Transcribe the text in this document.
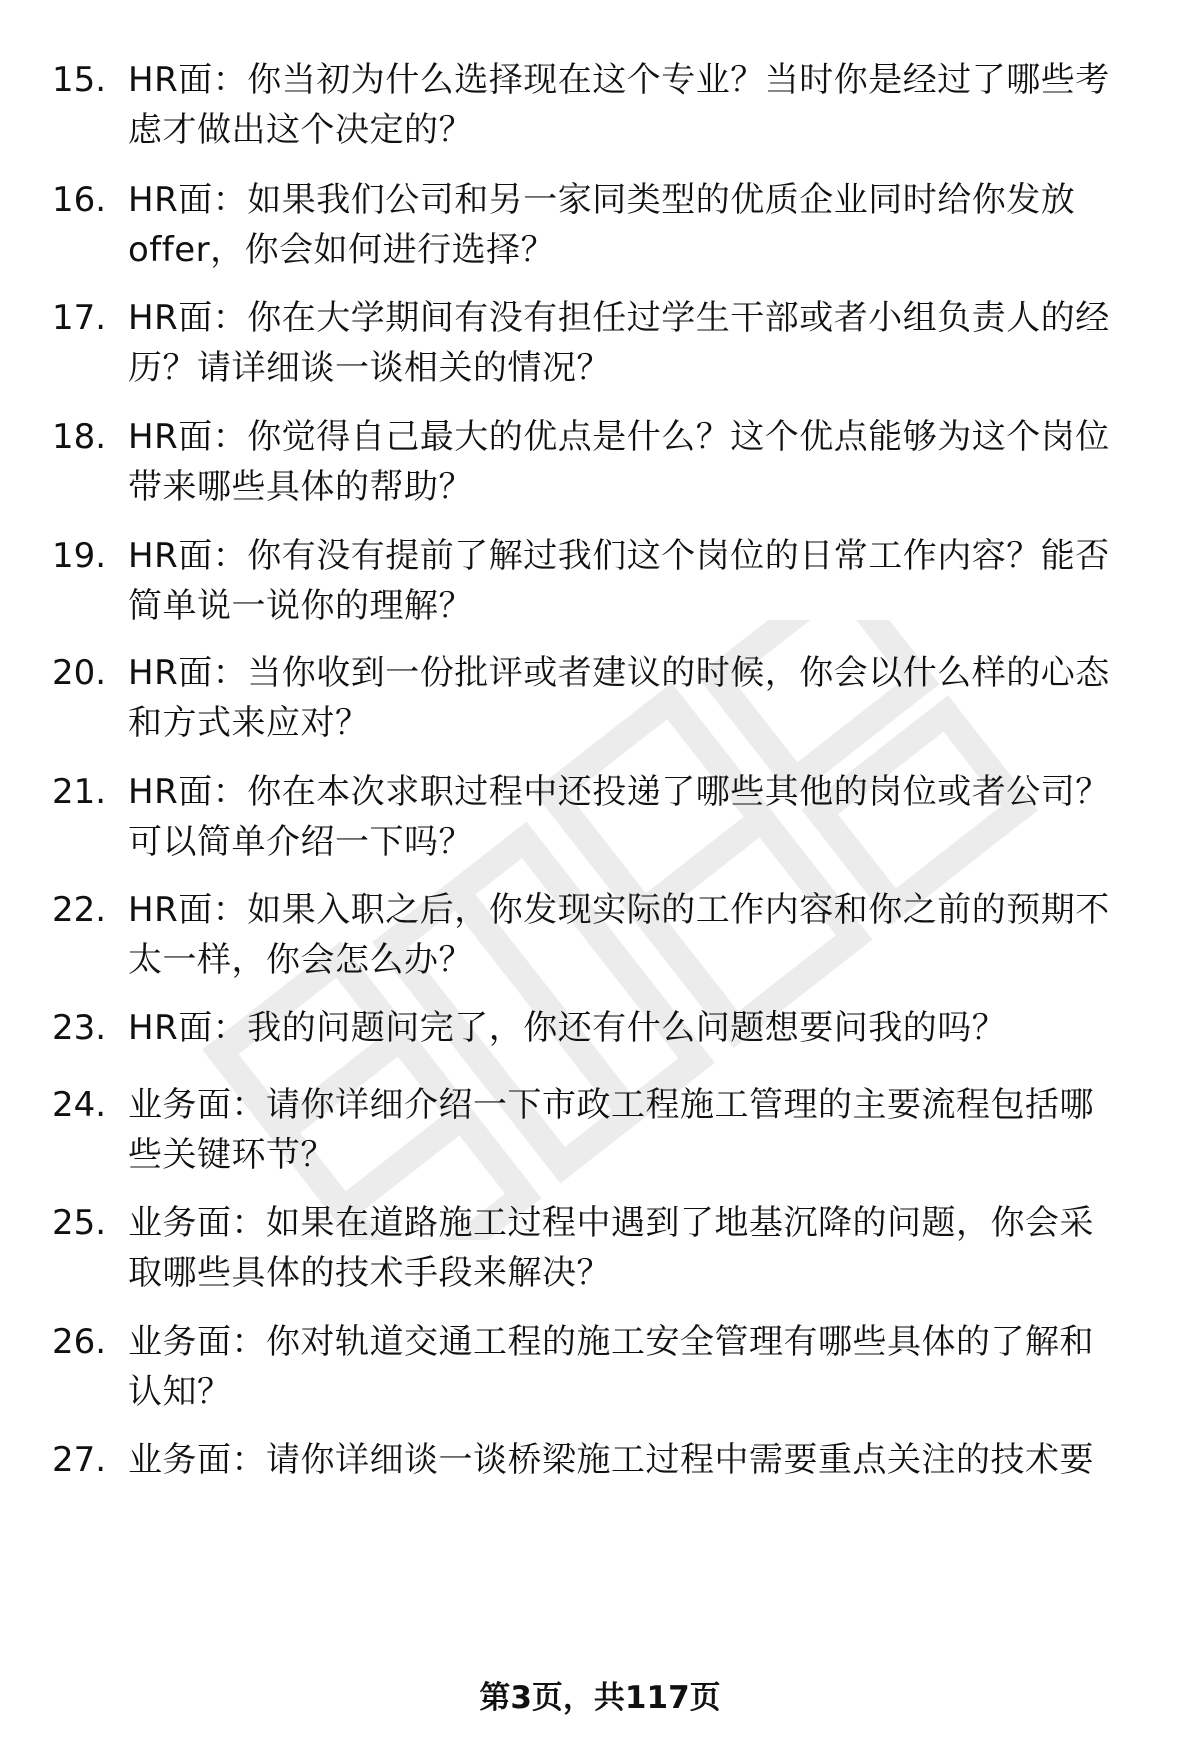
15. HR面：你当初为什么选择现在这个专业？当时你是经过了哪些考
虑才做出这个决定的？
16. HR面：如果我们公司和另一家同类型的优质企业同时给你发放
offer，你会如何进行选择？
17. HR面：你在大学期间有没有担任过学生干部或者小组负责人的经
历？请详细谈一谈相关的情况？
18. HR面：你觉得自己最大的优点是什么？这个优点能够为这个岗位
带来哪些具体的帮助？
19. HR面：你有没有提前了解过我们这个岗位的日常工作内容？能否
简单说一说你的理解？
20. HR面：当你收到一份批评或者建议的时候，你会以什么样的心态
和方式来应对？
21. HR面：你在本次求职过程中还投递了哪些其他的岗位或者公司？
可以简单介绍一下吗？
22. HR面：如果入职之后，你发现实际的工作内容和你之前的预期不
太一样，你会怎么办？
23. HR面：我的问题问完了，你还有什么问题想要问我的吗？
24. 业务面：请你详细介绍一下市政工程施工管理的主要流程包括哪
些关键环节？
25. 业务面：如果在道路施工过程中遇到了地基沉降的问题，你会采
取哪些具体的技术手段来解决？
26. 业务面：你对轨道交通工程的施工安全管理有哪些具体的了解和
认知？
27. 业务面：请你详细谈一谈桥梁施工过程中需要重点关注的技术要
第3页，共117页
